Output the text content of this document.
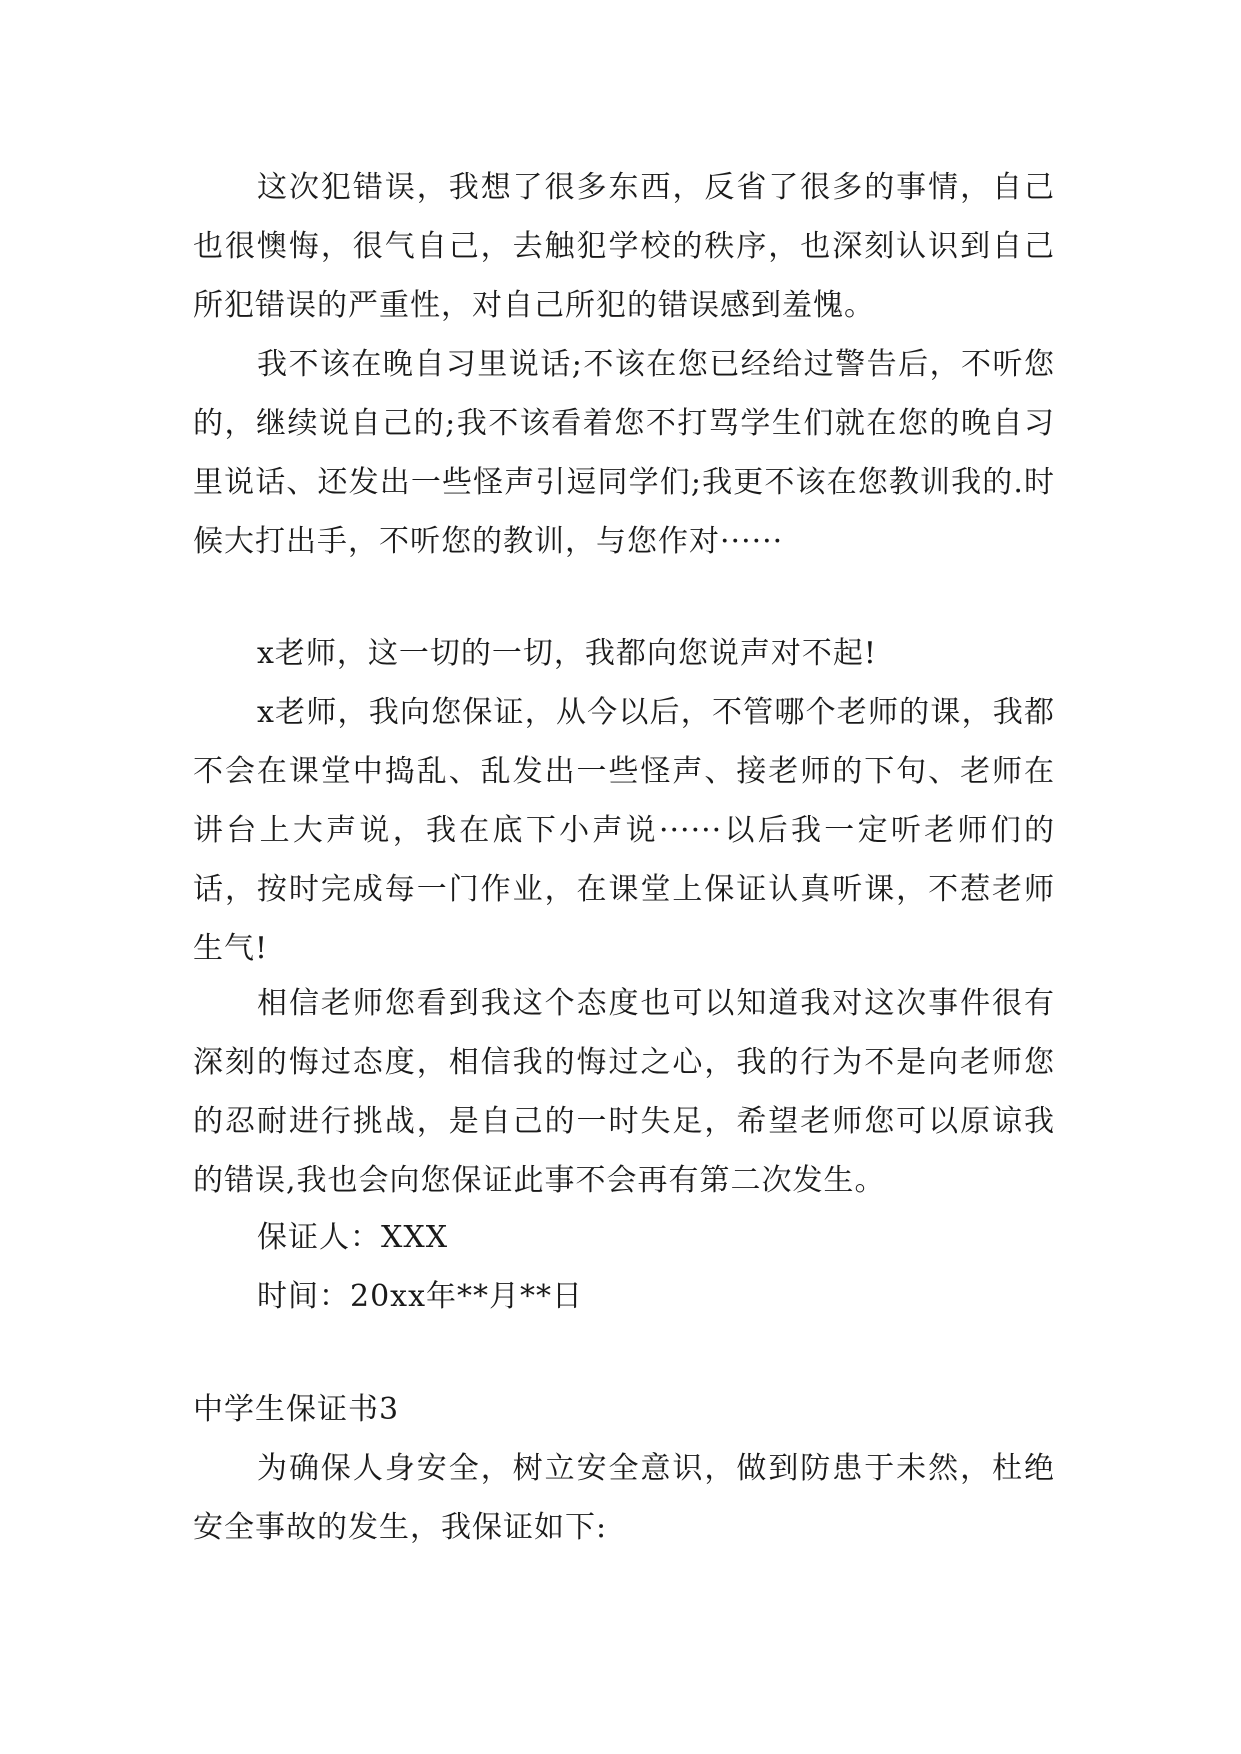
这次犯错误，我想了很多东西，反省了很多的事情，自己也很懊悔，很气自己，去触犯学校的秩序，也深刻认识到自己所犯错误的严重性，对自己所犯的错误感到羞愧。

我不该在晚自习里说话;不该在您已经给过警告后，不听您的，继续说自己的;我不该看着您不打骂学生们就在您的晚自习里说话、还发出一些怪声引逗同学们;我更不该在您教训我的.时候大打出手，不听您的教训，与您作对······

x老师，这一切的一切，我都向您说声对不起!

x老师，我向您保证，从今以后，不管哪个老师的课，我都不会在课堂中捣乱、乱发出一些怪声、接老师的下句、老师在讲台上大声说，我在底下小声说······以后我一定听老师们的话，按时完成每一门作业，在课堂上保证认真听课，不惹老师生气!

相信老师您看到我这个态度也可以知道我对这次事件很有深刻的悔过态度，相信我的悔过之心，我的行为不是向老师您的忍耐进行挑战，是自己的一时失足，希望老师您可以原谅我的错误,我也会向您保证此事不会再有第二次发生。

保证人：XXX

时间：20xx年**月**日

中学生保证书3

为确保人身安全，树立安全意识，做到防患于未然，杜绝安全事故的发生，我保证如下:
